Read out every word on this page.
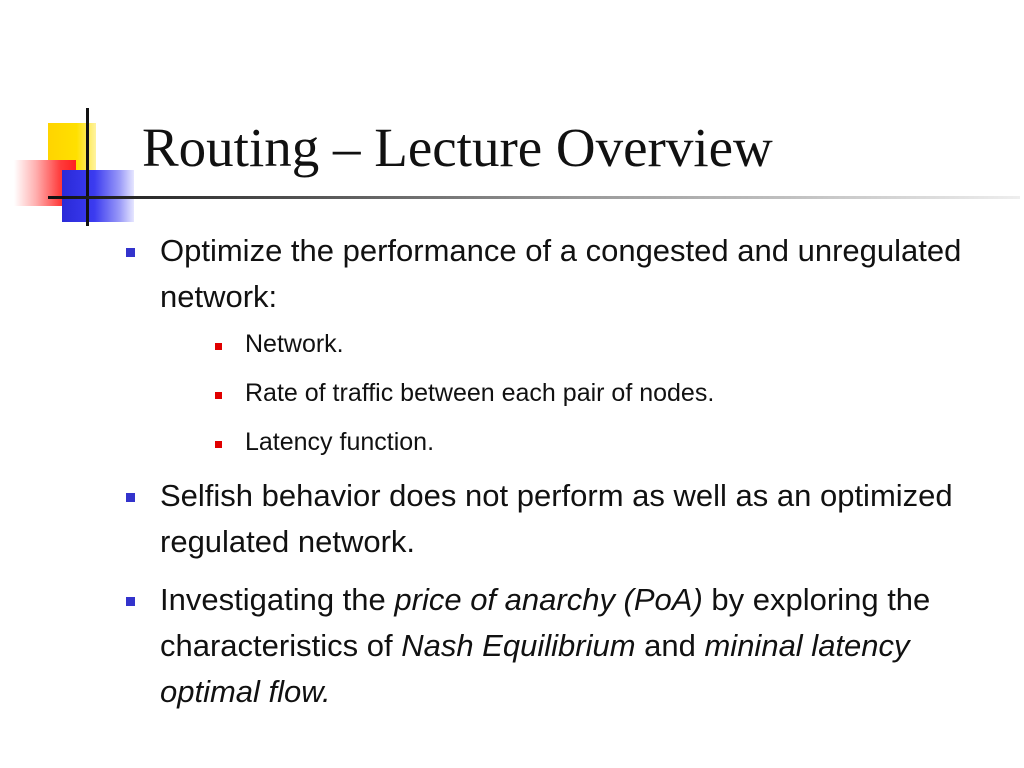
Routing – Lecture Overview
Optimize the performance of a congested and unregulated network:
Network.
Rate of traffic between each pair of nodes.
Latency function.
Selfish behavior does not perform as well as an optimized regulated network.
Investigating the price of anarchy (PoA) by exploring the characteristics of Nash Equilibrium and mininal latency optimal flow.
